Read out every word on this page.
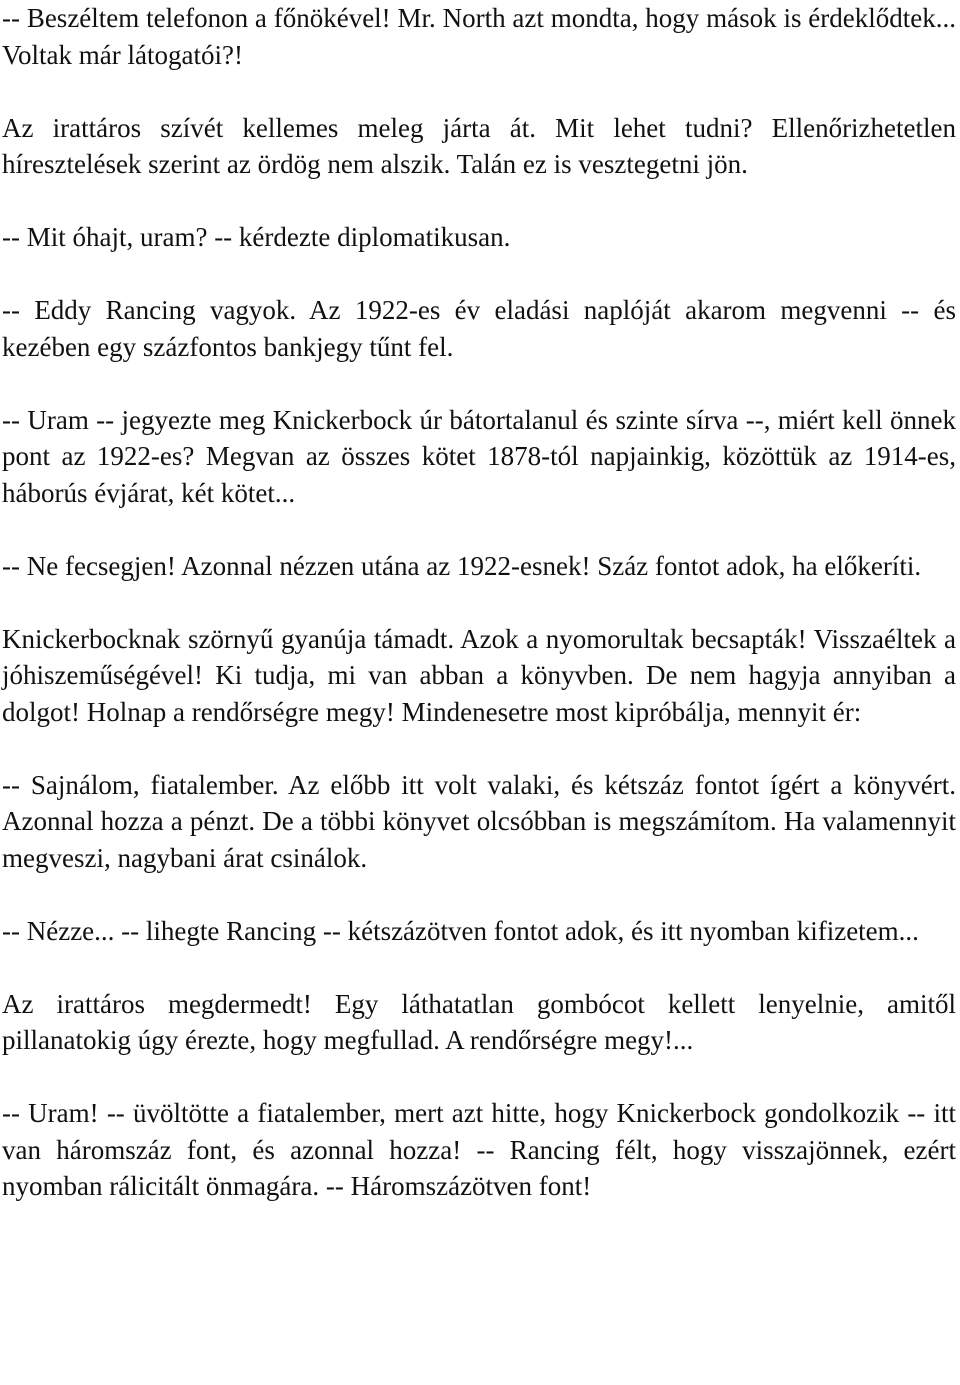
-- Beszéltem telefonon a főnökével! Mr. North azt mondta, hogy mások is érdeklődtek... Voltak már látogatói?!

Az irattáros szívét kellemes meleg járta át. Mit lehet tudni? Ellenőrizhetetlen híresztelések szerint az ördög nem alszik. Talán ez is vesztegetni jön.

-- Mit óhajt, uram? -- kérdezte diplomatikusan.

-- Eddy Rancing vagyok. Az 1922-es év eladási naplóját akarom megvenni -- és kezében egy százfontos bankjegy tűnt fel.

-- Uram -- jegyezte meg Knickerbock úr bátortalanul és szinte sírva --, miért kell önnek pont az 1922-es? Megvan az összes kötet 1878-tól napjainkig, közöttük az 1914-es, háborús évjárat, két kötet...

-- Ne fecsegjen! Azonnal nézzen utána az 1922-esnek! Száz fontot adok, ha előkeríti.

Knickerbocknak szörnyű gyanúja támadt. Azok a nyomorultak becsapták! Visszaéltek a jóhiszeműségével! Ki tudja, mi van abban a könyvben. De nem hagyja annyiban a dolgot! Holnap a rendőrségre megy! Mindenesetre most kipróbálja, mennyit ér:

-- Sajnálom, fiatalember. Az előbb itt volt valaki, és kétszáz fontot ígért a könyvért. Azonnal hozza a pénzt. De a többi könyvet olcsóbban is megszámítom. Ha valamennyit megveszi, nagybani árat csinálok.

-- Nézze... -- lihegte Rancing -- kétszázötven fontot adok, és itt nyomban kifizetem...

Az irattáros megdermedt! Egy láthatatlan gombócot kellett lenyelnie, amitől pillanatokig úgy érezte, hogy megfullad. A rendőrségre megy!...

-- Uram! -- üvöltötte a fiatalember, mert azt hitte, hogy Knickerbock gondolkozik -- itt van háromszáz font, és azonnal hozza! -- Rancing félt, hogy visszajönnek, ezért nyomban rálicitált önmagára. -- Háromszázötven font!
